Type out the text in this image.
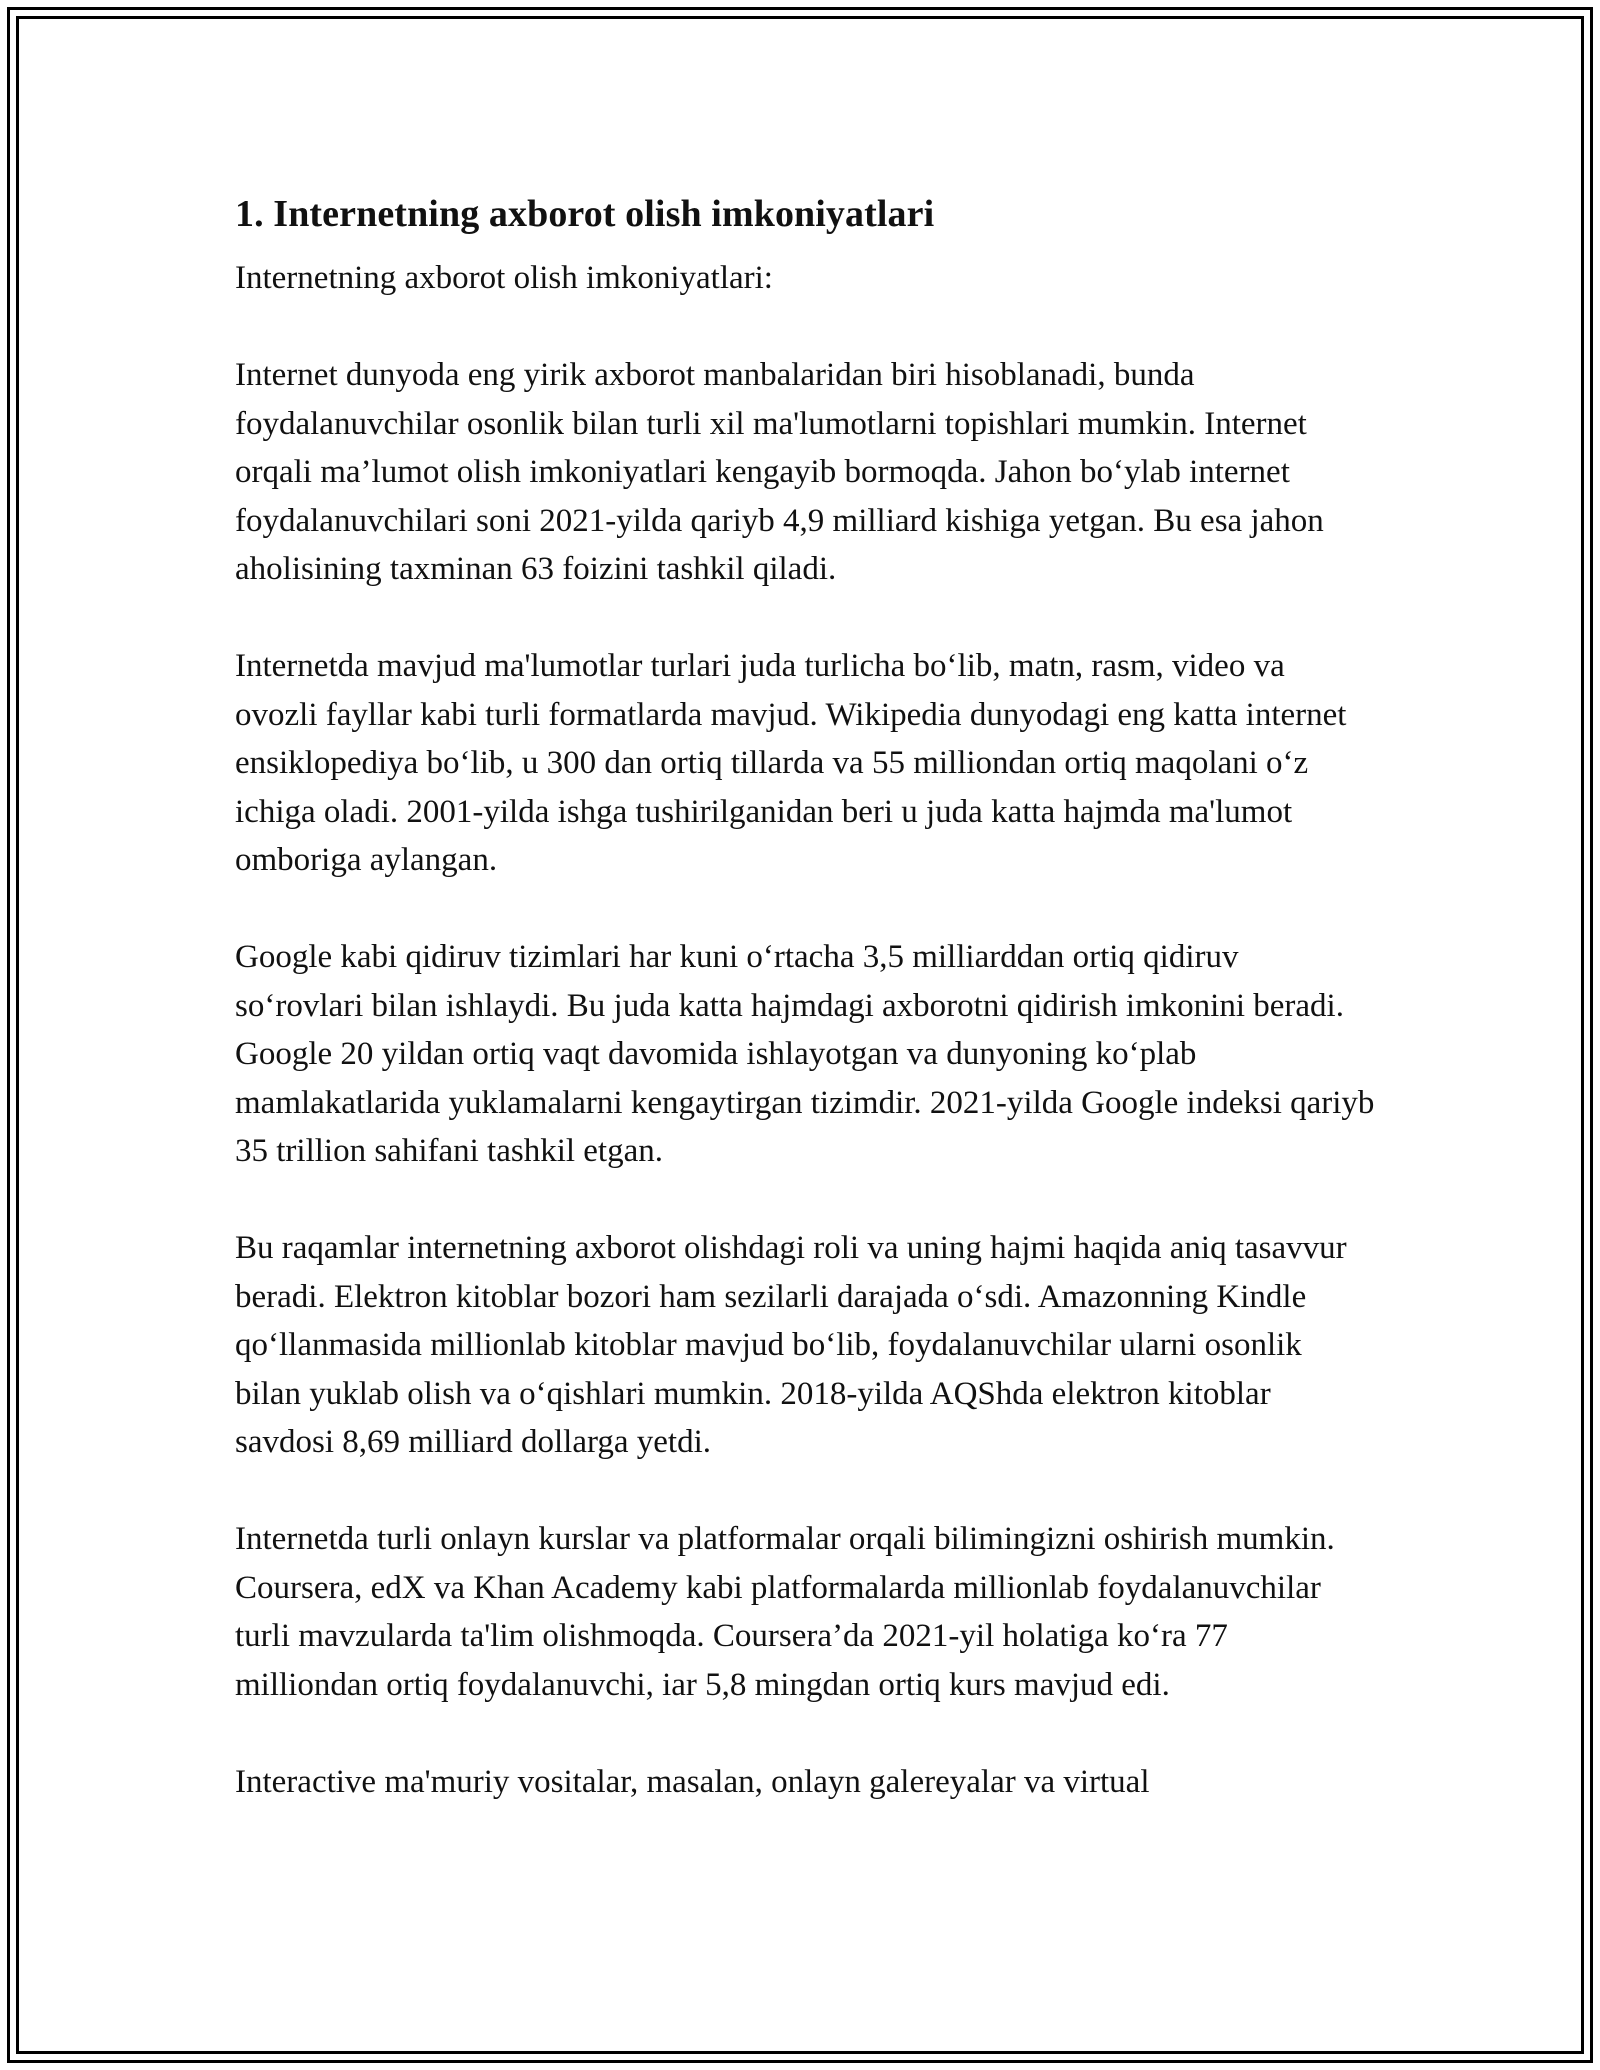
1. Internetning axborot olish imkoniyatlari

Internetning axborot olish imkoniyatlari:

Internet dunyoda eng yirik axborot manbalaridan biri hisoblanadi, bunda foydalanuvchilar osonlik bilan turli xil ma'lumotlarni topishlari mumkin. Internet orqali ma’lumot olish imkoniyatlari kengayib bormoqda. Jahon bo‘ylab internet foydalanuvchilari soni 2021-yilda qariyb 4,9 milliard kishiga yetgan. Bu esa jahon aholisining taxminan 63 foizini tashkil qiladi.

Internetda mavjud ma'lumotlar turlari juda turlicha bo‘lib, matn, rasm, video va ovozli fayllar kabi turli formatlarda mavjud. Wikipedia dunyodagi eng katta internet ensiklopediya bo‘lib, u 300 dan ortiq tillarda va 55 milliondan ortiq maqolani o‘z ichiga oladi. 2001-yilda ishga tushirilganidan beri u juda katta hajmda ma'lumot omboriga aylangan.

Google kabi qidiruv tizimlari har kuni o‘rtacha 3,5 milliarddan ortiq qidiruv so‘rovlari bilan ishlaydi. Bu juda katta hajmdagi axborotni qidirish imkonini beradi. Google 20 yildan ortiq vaqt davomida ishlayotgan va dunyoning ko‘plab mamlakatlarida yuklamalarni kengaytirgan tizimdir. 2021-yilda Google indeksi qariyb 35 trillion sahifani tashkil etgan.

Bu raqamlar internetning axborot olishdagi roli va uning hajmi haqida aniq tasavvur beradi. Elektron kitoblar bozori ham sezilarli darajada o‘sdi. Amazonning Kindle qo‘llanmasida millionlab kitoblar mavjud bo‘lib, foydalanuvchilar ularni osonlik bilan yuklab olish va o‘qishlari mumkin. 2018-yilda AQShda elektron kitoblar savdosi 8,69 milliard dollarga yetdi.

Internetda turli onlayn kurslar va platformalar orqali bilimingizni oshirish mumkin. Coursera, edX va Khan Academy kabi platformalarda millionlab foydalanuvchilar turli mavzularda ta'lim olishmoqda. Coursera’da 2021-yil holatiga ko‘ra 77 milliondan ortiq foydalanuvchi, iar 5,8 mingdan ortiq kurs mavjud edi.

Interactive ma'muriy vositalar, masalan, onlayn galereyalar va virtual
